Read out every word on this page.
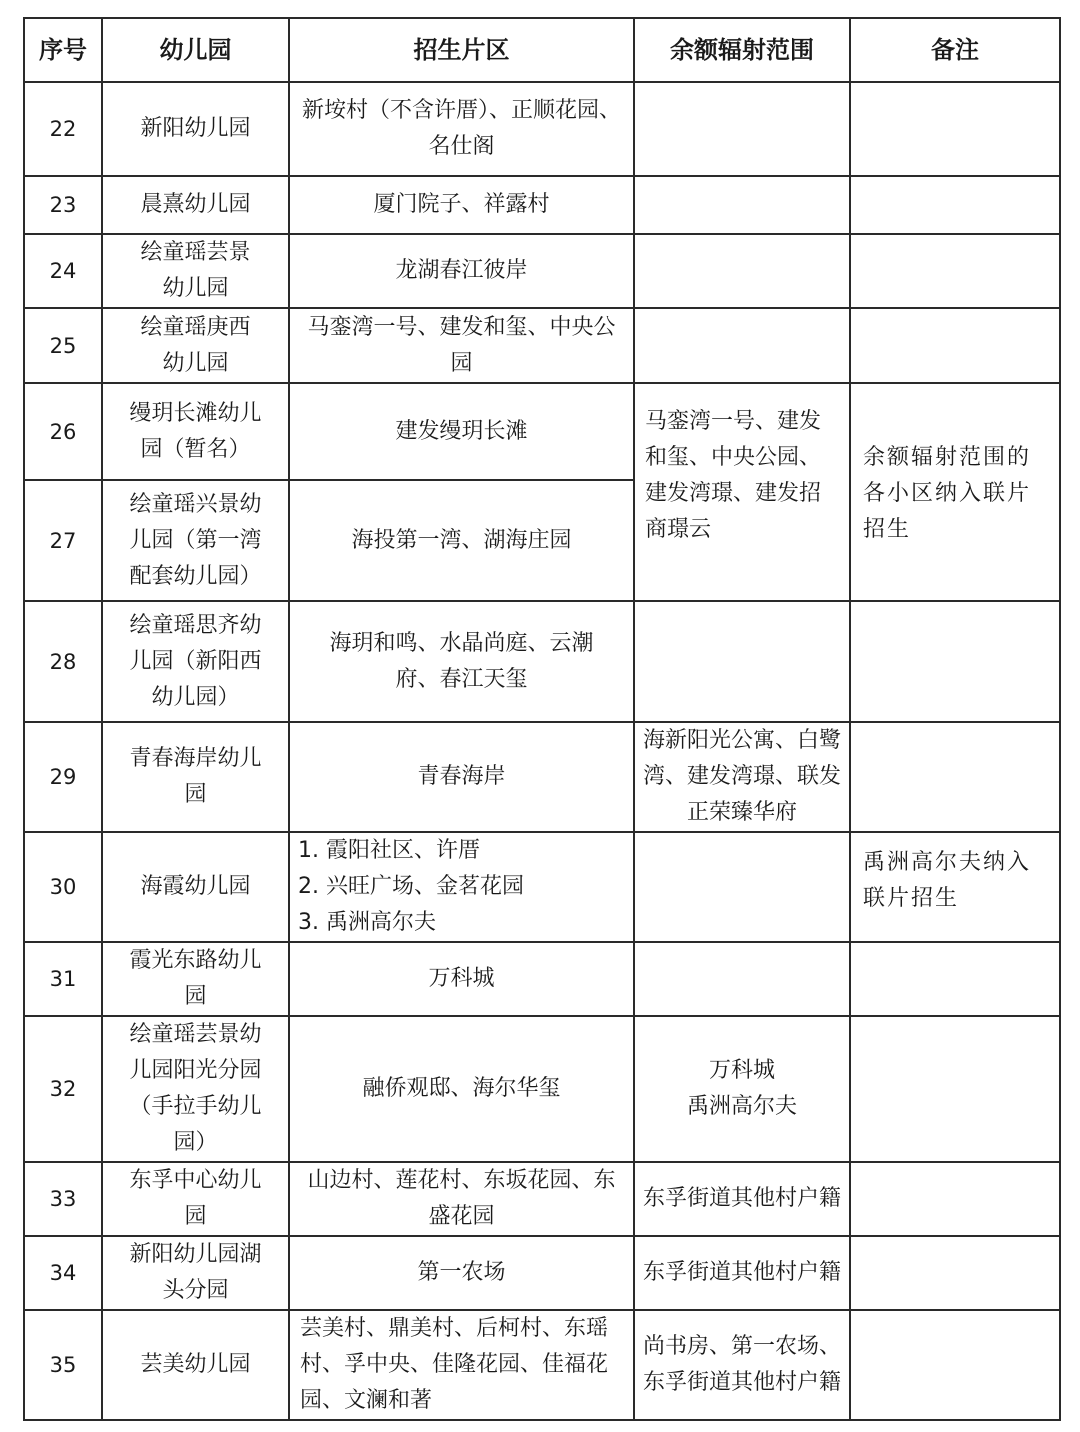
序号	幼儿园	招生片区	余额辐射范围	备注
22	新阳幼儿园	新垵村（不含许厝）、正顺花园、名仕阁		
23	晨熹幼儿园	厦门院子、祥露村		
24	绘童瑶芸景幼儿园	龙湖春江彼岸		
25	绘童瑶庚西幼儿园	马銮湾一号、建发和玺、中央公园		
26	缦玥长滩幼儿园（暂名）	建发缦玥长滩	马銮湾一号、建发和玺、中央公园、建发湾璟、建发招商璟云	余额辐射范围的各小区纳入联片招生
27	绘童瑶兴景幼儿园（第一湾配套幼儿园）	海投第一湾、湖海庄园		
28	绘童瑶思齐幼儿园（新阳西幼儿园）	海玥和鸣、水晶尚庭、云潮府、春江天玺		
29	青春海岸幼儿园	青春海岸	海新阳光公寓、白鹭湾、建发湾璟、联发正荣臻华府	
30	海霞幼儿园	1. 霞阳社区、许厝
2. 兴旺广场、金茗花园
3. 禹洲高尔夫		禹洲高尔夫纳入联片招生
31	霞光东路幼儿园	万科城		
32	绘童瑶芸景幼儿园阳光分园（手拉手幼儿园）	融侨观邸、海尔华玺	万科城
禹洲高尔夫	

33	东孚中心幼儿园	山边村、莲花村、东坂花园、东盛花园	东孚街道其他村户籍	
34	新阳幼儿园湖头分园	第一农场	东孚街道其他村户籍	
35	芸美幼儿园	芸美村、鼎美村、后柯村、东瑶村、孚中央、佳隆花园、佳福花园、文澜和著	尚书房、第一农场、东孚街道其他村户籍	
